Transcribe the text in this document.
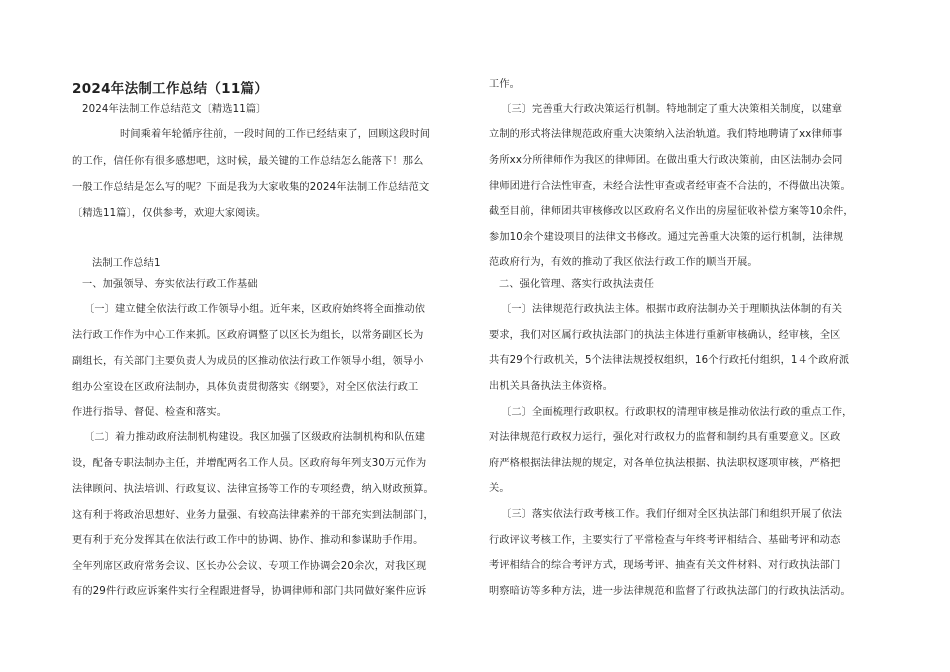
2024年法制工作总结（11篇）
2024年法制工作总结范文〔精选11篇〕
时间乘着年轮循序往前，一段时间的工作已经结束了，回顾这段时间
的工作，信任你有很多感想吧，这时候，最关键的工作总结怎么能落下！那么
一般工作总结是怎么写的呢？下面是我为大家收集的2024年法制工作总结范文
〔精选11篇〕，仅供参考，欢迎大家阅读。
法制工作总结1
一、加强领导、夯实依法行政工作基础
〔一〕建立健全依法行政工作领导小组。近年来，区政府始终将全面推动依
法行政工作作为中心工作来抓。区政府调整了以区长为组长，以常务副区长为
副组长，有关部门主要负责人为成员的区推动依法行政工作领导小组，领导小
组办公室设在区政府法制办，具体负责贯彻落实《纲要》，对全区依法行政工
作进行指导、督促、检查和落实。
〔二〕着力推动政府法制机构建设。我区加强了区级政府法制机构和队伍建
设，配备专职法制办主任，并增配两名工作人员。区政府每年列支30万元作为
法律顾问、执法培训、行政复议、法律宣扬等工作的专项经费，纳入财政预算。
这有利于将政治思想好、业务力量强、有较高法律素养的干部充实到法制部门，
更有利于充分发挥其在依法行政工作中的协调、协作、推动和参谋助手作用。
全年列席区政府常务会议、区长办公会议、专项工作协调会20余次，对我区现
有的29件行政应诉案件实行全程跟进督导，协调律师和部门共同做好案件应诉
工作。
〔三〕完善重大行政决策运行机制。特地制定了重大决策相关制度，以建章
立制的形式将法律规范政府重大决策纳入法治轨道。我们特地聘请了xx律师事
务所xx分所律师作为我区的律师团。在做出重大行政决策前，由区法制办会同
律师团进行合法性审查，未经合法性审查或者经审查不合法的，不得做出决策。
截至目前，律师团共审核修改以区政府名义作出的房屋征收补偿方案等10余件，
参加10余个建设项目的法律文书修改。通过完善重大决策的运行机制，法律规
范政府行为，有效的推动了我区依法行政工作的顺当开展。
二、强化管理、落实行政执法责任
〔一〕法律规范行政执法主体。根据市政府法制办关于理顺执法体制的有关
要求，我们对区属行政执法部门的执法主体进行重新审核确认，经审核，全区
共有29个行政机关，5个法律法规授权组织，16个行政托付组织，1４个政府派
出机关具备执法主体资格。
〔二〕全面梳理行政职权。行政职权的清理审核是推动依法行政的重点工作，
对法律规范行政权力运行，强化对行政权力的监督和制约具有重要意义。区政
府严格根据法律法规的规定，对各单位执法根据、执法职权逐项审核，严格把
关。
〔三〕落实依法行政考核工作。我们仔细对全区执法部门和组织开展了依法
行政评议考核工作，主要实行了平常检查与年终考评相结合、基础考评和动态
考评相结合的综合考评方式，现场考评、抽查有关文件材料、对行政执法部门
明察暗访等多种方法，进一步法律规范和监督了行政执法部门的行政执法活动。
